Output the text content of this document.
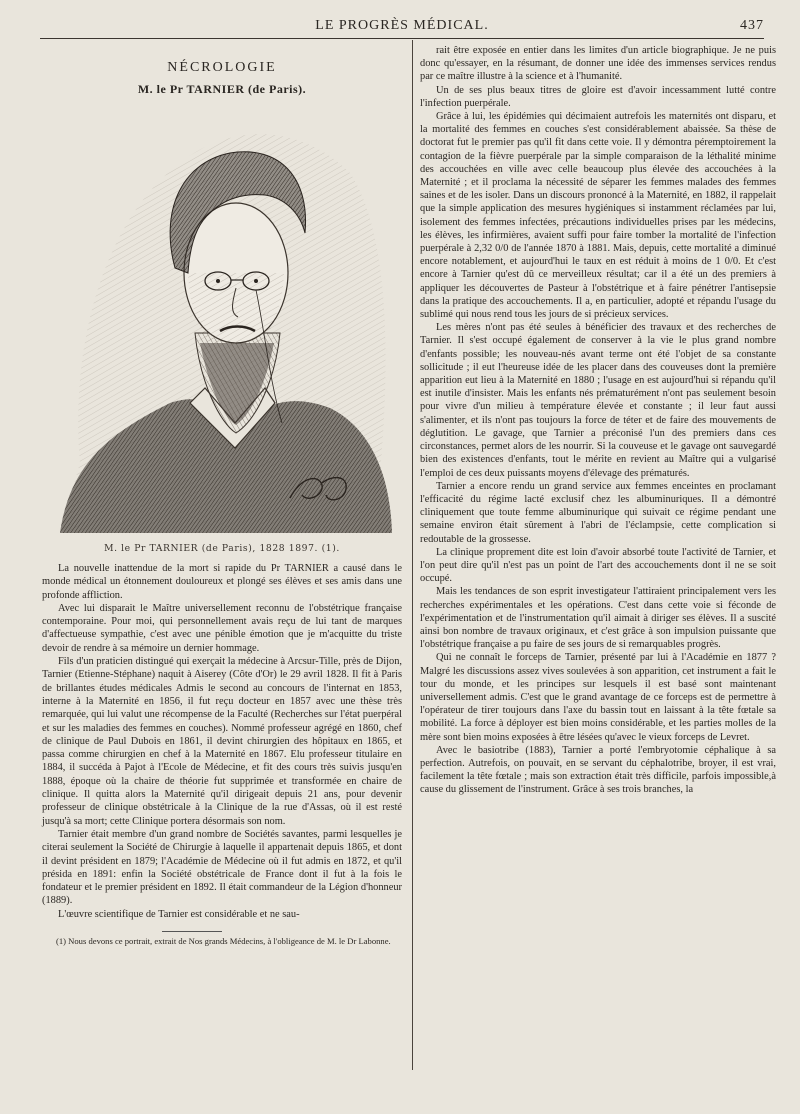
LE PROGRÈS MÉDICAL.	437
NÉCROLOGIE
M. le Pr TARNIER (de Paris).
M. le Pr TARNIER (de Paris), 1828 1897. (1).

La nouvelle inattendue de la mort si rapide du Pr TARNIER a causé dans le monde médical un étonnement douloureux et plongé ses élèves et ses amis dans une profonde affliction.

Avec lui disparait le Maître universellement reconnu de l'obstétrique française contemporaine. Pour moi, qui personnellement avais reçu de lui tant de marques d'affectueuse sympathie, c'est avec une pénible émotion que je m'acquitte du triste devoir de rendre à sa mémoire un dernier hommage.

Fils d'un praticien distingué qui exerçait la médecine à Arcsur-Tille, près de Dijon, Tarnier (Etienne-Stéphane) naquit à Aiserey (Côte d'Or) le 29 avril 1828. Il fit à Paris de brillantes études médicales Admis le second au concours de l'internat en 1853, interne à la Maternité en 1856, il fut reçu docteur en 1857 avec une thèse très remarquée, qui lui valut une récompense de la Faculté (Recherches sur l'état puerpéral et sur les maladies des femmes en couches). Nommé professeur agrégé en 1860, chef de clinique de Paul Dubois en 1861, il devint chirurgien des hôpitaux en 1865, et passa comme chirurgien en chef à la Maternité en 1867. Elu professeur titulaire en 1884, il succéda à Pajot à l'Ecole de Médecine, et fit des cours très suivis jusqu'en 1888, époque où la chaire de théorie fut supprimée et transformée en chaire de clinique. Il quitta alors la Maternité qu'il dirigeait depuis 21 ans, pour devenir professeur de clinique obstétricale à la Clinique de la rue d'Assas, où il est resté jusqu'à sa mort; cette Clinique portera désormais son nom.

Tarnier était membre d'un grand nombre de Sociétés savantes, parmi lesquelles je citerai seulement la Société de Chirurgie à laquelle il appartenait depuis 1865, et dont il devint président en 1879; l'Académie de Médecine où il fut admis en 1872, et qu'il présida en 1891: enfin la Société obstétricale de France dont il fut à la fois le fondateur et le premier président en 1892. Il était commandeur de la Légion d'honneur (1889).

L'œuvre scientifique de Tarnier est considérable et ne sau-

(1) Nous devons ce portrait, extrait de Nos grands Médecins, à l'obligeance de M. le Dr Labonne.

rait être exposée en entier dans les limites d'un article biographique. Je ne puis donc qu'essayer, en la résumant, de donner une idée des immenses services rendus par ce maître illustre à la science et à l'humanité.

Un de ses plus beaux titres de gloire est d'avoir incessamment lutté contre l'infection puerpérale.

Grâce à lui, les épidémies qui décimaient autrefois les maternités ont disparu, et la mortalité des femmes en couches s'est considérablement abaissée. Sa thèse de doctorat fut le premier pas qu'il fit dans cette voie. Il y démontra péremptoirement la contagion de la fièvre puerpérale par la simple comparaison de la léthalité minime des accouchées en ville avec celle beaucoup plus élevée des accouchées à la Maternité ; et il proclama la nécessité de séparer les femmes malades des femmes saines et de les isoler. Dans un discours prononcé à la Maternité, en 1882, il rappelait que la simple application des mesures hygiéniques si instamment réclamées par lui, isolement des femmes infectées, précautions individuelles prises par les médecins, les élèves, les infirmières, avaient suffi pour faire tomber la mortalité de l'infection puerpérale à 2,32 0/0 de l'année 1870 à 1881. Mais, depuis, cette mortalité a diminué encore notablement, et aujourd'hui le taux en est réduit à moins de 1 0/0. Et c'est encore à Tarnier qu'est dû ce merveilleux résultat; car il a été un des premiers à appliquer les découvertes de Pasteur à l'obstétrique et à faire pénétrer l'antisepsie dans la pratique des accouchements. Il a, en particulier, adopté et répandu l'usage du sublimé qui nous rend tous les jours de si précieux services.

Les mères n'ont pas été seules à bénéficier des travaux et des recherches de Tarnier. Il s'est occupé également de conserver à la vie le plus grand nombre d'enfants possible; les nouveau-nés avant terme ont été l'objet de sa constante sollicitude ; il eut l'heureuse idée de les placer dans des couveuses dont la première apparition eut lieu à la Maternité en 1880 ; l'usage en est aujourd'hui si répandu qu'il est inutile d'insister. Mais les enfants nés prématurément n'ont pas seulement besoin pour vivre d'un milieu à température élevée et constante ; il leur faut aussi s'alimenter, et ils n'ont pas toujours la force de téter et de faire des mouvements de déglutition. Le gavage, que Tarnier a préconisé l'un des premiers dans ces circonstances, permet alors de les nourrir. Si la couveuse et le gavage ont sauvegardé bien des existences d'enfants, tout le mérite en revient au Maître qui a vulgarisé l'emploi de ces deux puissants moyens d'élevage des prématurés.

Tarnier a encore rendu un grand service aux femmes enceintes en proclamant l'efficacité du régime lacté exclusif chez les albuminuriques. Il a démontré cliniquement que toute femme albuminurique qui suivait ce régime pendant une semaine environ était sûrement à l'abri de l'éclampsie, cette complication si redoutable de la grossesse.

La clinique proprement dite est loin d'avoir absorbé toute l'activité de Tarnier, et l'on peut dire qu'il n'est pas un point de l'art des accouchements dont il ne se soit occupé.

Mais les tendances de son esprit investigateur l'attiraient principalement vers les recherches expérimentales et les opérations. C'est dans cette voie si féconde de l'expérimentation et de l'instrumentation qu'il aimait à diriger ses élèves. Il a suscité ainsi bon nombre de travaux originaux, et c'est grâce à son impulsion puissante que l'obstétrique française a pu faire de ses jours de si remarquables progrès.

Qui ne connaît le forceps de Tarnier, présenté par lui à l'Académie en 1877 ? Malgré les discussions assez vives soulevées à son apparition, cet instrument a fait le tour du monde, et les principes sur lesquels il est basé sont maintenant universellement admis. C'est que le grand avantage de ce forceps est de permettre à l'opérateur de tirer toujours dans l'axe du bassin tout en laissant à la tête fœtale sa mobilité. La force à déployer est bien moins considérable, et les parties molles de la mère sont bien moins exposées à être lésées qu'avec le vieux forceps de Levret.

Avec le basiotribe (1883), Tarnier a porté l'embryotomie céphalique à sa perfection. Autrefois, on pouvait, en se servant du céphalotribe, broyer, il est vrai, facilement la tête fœtale ; mais son extraction était très difficile, parfois impossible,à cause du glissement de l'instrument. Grâce à ses trois branches, la
